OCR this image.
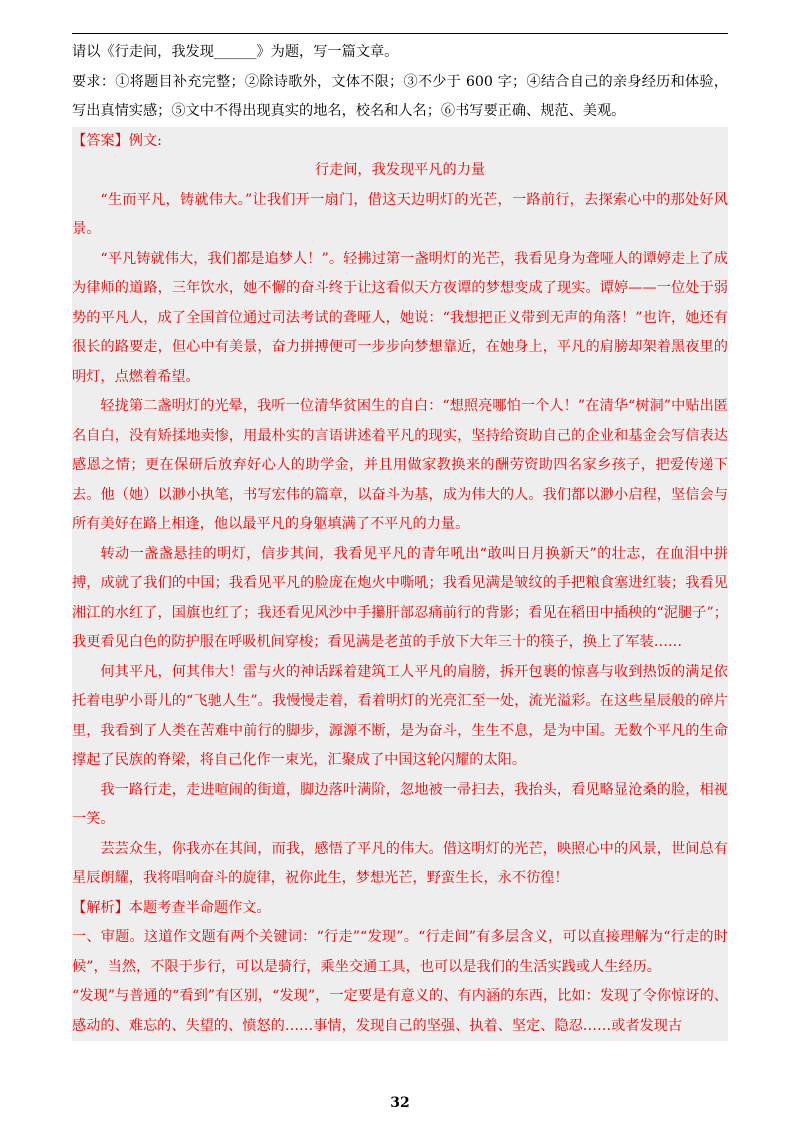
请以《行走间，我发现______》为题，写一篇文章。

要求：①将题目补充完整；②除诗歌外，文体不限；③不少于 600 字；④结合自己的亲身经历和体验，写出真情实感；⑤文中不得出现真实的地名，校名和人名；⑥书写要正确、规范、美观。

【答案】例文:

行走间，我发现平凡的力量

“生而平凡，铸就伟大。”让我们开一扇门，借这天边明灯的光芒，一路前行，去探索心中的那处好风景。

“平凡铸就伟大，我们都是追梦人！”。轻拂过第一盏明灯的光芒，我看见身为聋哑人的谭婷走上了成为律师的道路，三年饮水，她不懈的奋斗终于让这看似天方夜谭的梦想变成了现实。谭婷——一位处于弱势的平凡人，成了全国首位通过司法考试的聋哑人，她说：“我想把正义带到无声的角落！”也许，她还有很长的路要走，但心中有美景，奋力拼搏便可一步步向梦想靠近，在她身上，平凡的肩膀却架着黑夜里的明灯，点燃着希望。

轻拢第二盏明灯的光晕，我听一位清华贫困生的自白：“想照亮哪怕一个人！”在清华“树洞”中贴出匿名自白，没有矫揉地卖惨，用最朴实的言语讲述着平凡的现实，坚持给资助自己的企业和基金会写信表达感恩之情；更在保研后放弃好心人的助学金，并且用做家教换来的酬劳资助四名家乡孩子，把爱传递下去。他（她）以渺小执笔，书写宏伟的篇章，以奋斗为基，成为伟大的人。我们都以渺小启程，坚信会与所有美好在路上相逢，他以最平凡的身躯填满了不平凡的力量。

转动一盏盏悬挂的明灯，信步其间，我看见平凡的青年吼出“敢叫日月换新天”的壮志，在血泪中拼搏，成就了我们的中国；我看见平凡的脸庞在炮火中嘶吼；我看见满是皱纹的手把粮食塞进红装；我看见湘江的水红了，国旗也红了；我还看见风沙中手攥肝部忍痛前行的背影；看见在稻田中插秧的“泥腿子”；我更看见白色的防护服在呼吸机间穿梭；看见满是老茧的手放下大年三十的筷子，换上了军装……

何其平凡，何其伟大！雷与火的神话踩着建筑工人平凡的肩膀，拆开包裹的惊喜与收到热饭的满足依托着电驴小哥儿的“飞驰人生”。我慢慢走着，看着明灯的光亮汇至一处，流光溢彩。在这些星辰般的碎片里，我看到了人类在苦难中前行的脚步，源源不断，是为奋斗，生生不息，是为中国。无数个平凡的生命撑起了民族的脊梁，将自己化作一束光，汇聚成了中国这轮闪耀的太阳。

我一路行走，走进喧闹的街道，脚边落叶满阶，忽地被一帚扫去，我抬头，看见略显沧桑的脸，相视一笑。

芸芸众生，你我亦在其间，而我，感悟了平凡的伟大。借这明灯的光芒，映照心中的风景，世间总有星辰朗耀，我将唱响奋斗的旋律，祝你此生，梦想光芒，野蛮生长，永不彷徨！

【解析】本题考查半命题作文。

一、审题。这道作文题有两个关键词：“行走”“发现”。“行走间”有多层含义，可以直接理解为“行走的时候”，当然，不限于步行，可以是骑行，乘坐交通工具，也可以是我们的生活实践或人生经历。

“发现”与普通的“看到”有区别，“发现”，一定要是有意义的、有内涵的东西，比如：发现了令你惊讶的、感动的、难忘的、失望的、愤怒的……事情，发现自己的坚强、执着、坚定、隐忍……或者发现古

32
